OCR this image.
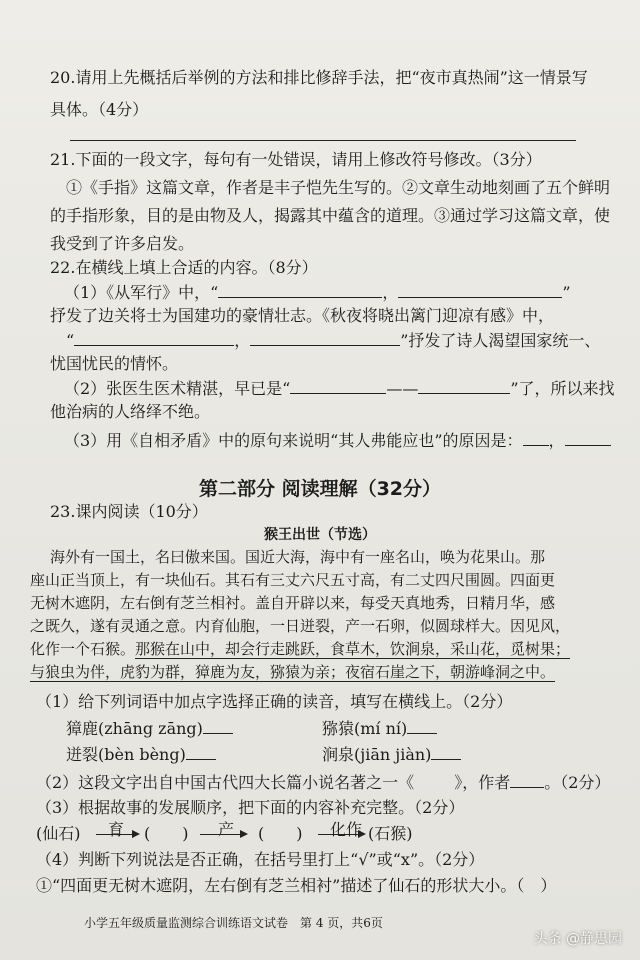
20.请用上先概括后举例的方法和排比修辞手法，把“夜市真热闹”这一情景写
具体。（4分）
21.下面的一段文字，每句有一处错误，请用上修改符号修改。（3分）
①《手指》这篇文章，作者是丰子恺先生写的。②文章生动地刻画了五个鲜明
的手指形象，目的是由物及人，揭露其中蕴含的道理。③通过学习这篇文章，使
我受到了许多启发。
22.在横线上填上合适的内容。（8分）
（1）《从军行》中，“	，	”
抒发了边关将士为国建功的豪情壮志。《秋夜将晓出篱门迎凉有感》中，
“	，	”抒发了诗人渴望国家统一、
忧国忧民的情怀。
（2）张医生医术精湛，早已是“	——	”了，所以来找
他治病的人络绎不绝。
（3）用《自相矛盾》中的原句来说明“其人弗能应也”的原因是： ，
第二部分 阅读理解（32分）
23.课内阅读（10分）
猴王出世（节选）
海外有一国土，名曰傲来国。国近大海，海中有一座名山，唤为花果山。那
座山正当顶上，有一块仙石。其石有三丈六尺五寸高，有二丈四尺围圆。四面更
无树木遮阴，左右倒有芝兰相衬。盖自开辟以来，每受天真地秀，日精月华，感
之既久，遂有灵通之意。内育仙胞，一日迸裂，产一石卵，似圆球样大。因见风，
化作一个石猴。那猴在山中，却会行走跳跃，食草木，饮涧泉，采山花，觅树果；
与狼虫为伴，虎豹为群，獐鹿为友，猕猿为亲；夜宿石崖之下，朝游峰洞之中。
（1）给下列词语中加点字选择正确的读音，填写在横线上。（2分）
獐鹿(zhāng zāng)	猕猿(mí ní)
迸裂(bèn bèng)	涧泉(jiān jiàn)
（2）这段文字出自中国古代四大长篇小说名著之一《	》，作者 。（2分）
（3）根据故事的发展顺序，把下面的内容补充完整。（2分）
育	产	化作
(仙石)	(　　)	(　　)	(石猴)
（4）判断下列说法是否正确，在括号里打上“√”或“x”。（2分）
①“四面更无树木遮阴，左右倒有芝兰相衬”描述了仙石的形状大小。（　）
小学五年级质量监测综合训练语文试卷　第 4 页，共6页
头条 @静思园
